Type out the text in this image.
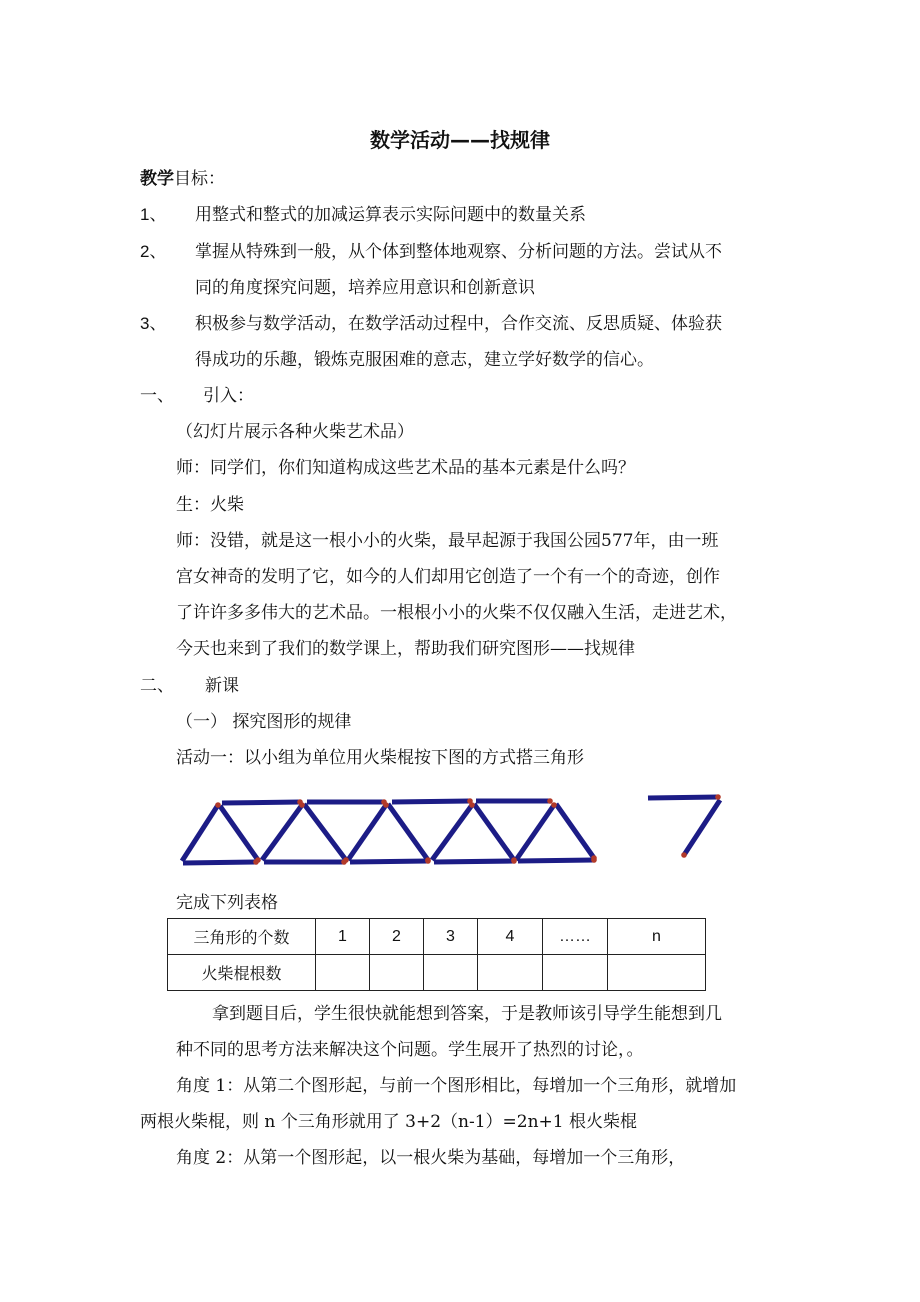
数学活动——找规律
教学目标：
1、 用整式和整式的加减运算表示实际问题中的数量关系
2、 掌握从特殊到一般，从个体到整体地观察、分析问题的方法。尝试从不
同的角度探究问题，培养应用意识和创新意识
3、 积极参与数学活动，在数学活动过程中，合作交流、反思质疑、体验获
得成功的乐趣，锻炼克服困难的意志，建立学好数学的信心。
一、 引入：
（幻灯片展示各种火柴艺术品）
师：同学们，你们知道构成这些艺术品的基本元素是什么吗？
生：火柴
师：没错，就是这一根小小的火柴，最早起源于我国公园577年，由一班
宫女神奇的发明了它，如今的人们却用它创造了一个有一个的奇迹，创作
了许许多多伟大的艺术品。一根根小小的火柴不仅仅融入生活，走进艺术，
今天也来到了我们的数学课上，帮助我们研究图形——找规律
二、 新课
（一） 探究图形的规律
活动一：以小组为单位用火柴棍按下图的方式搭三角形
完成下列表格
三角形的个数	1	2	3	4	……	n
火柴棍根数						
拿到题目后，学生很快就能想到答案，于是教师该引导学生能想到几
种不同的思考方法来解决这个问题。学生展开了热烈的讨论，。
角度 1：从第二个图形起，与前一个图形相比，每增加一个三角形，就增加
两根火柴棍，则 n 个三角形就用了 3+2（n-1）=2n+1 根火柴棍
角度 2：从第一个图形起，以一根火柴为基础，每增加一个三角形，
